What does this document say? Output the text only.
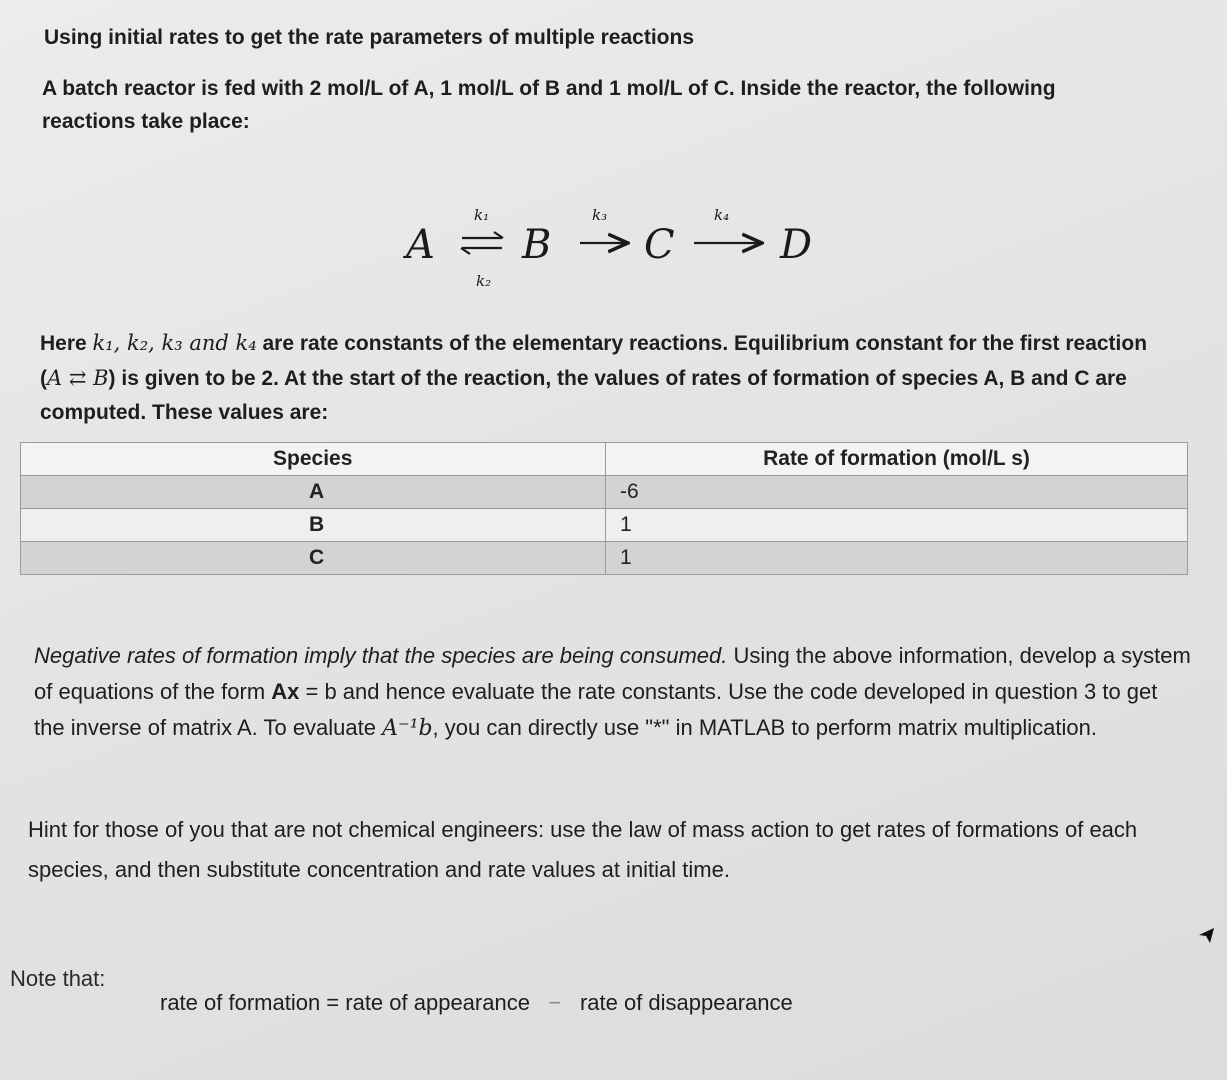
Using initial rates to get the rate parameters of multiple reactions
A batch reactor is fed with 2 mol/L of A, 1 mol/L of B and 1 mol/L of C. Inside the reactor, the following reactions take place:
A
k₁
k₂
B
k₃
C
k₄
D
Here k₁, k₂, k₃ and k₄ are rate constants of the elementary reactions. Equilibrium constant for the first reaction (A ⇄ B) is given to be 2. At the start of the reaction, the values of rates of formation of species A, B and C are computed. These values are:
Species	Rate of formation (mol/L s)
A	-6
B	1
C	1
Negative rates of formation imply that the species are being consumed. Using the above information, develop a system of equations of the form Ax = b and hence evaluate the rate constants. Use the code developed in question 3 to get the inverse of matrix A. To evaluate A⁻¹b, you can directly use "*" in MATLAB to perform matrix multiplication.
Hint for those of you that are not chemical engineers: use the law of mass action to get rates of formations of each species, and then substitute concentration and rate values at initial time.
Note that:
rate of formation = rate of appearance − rate of disappearance
